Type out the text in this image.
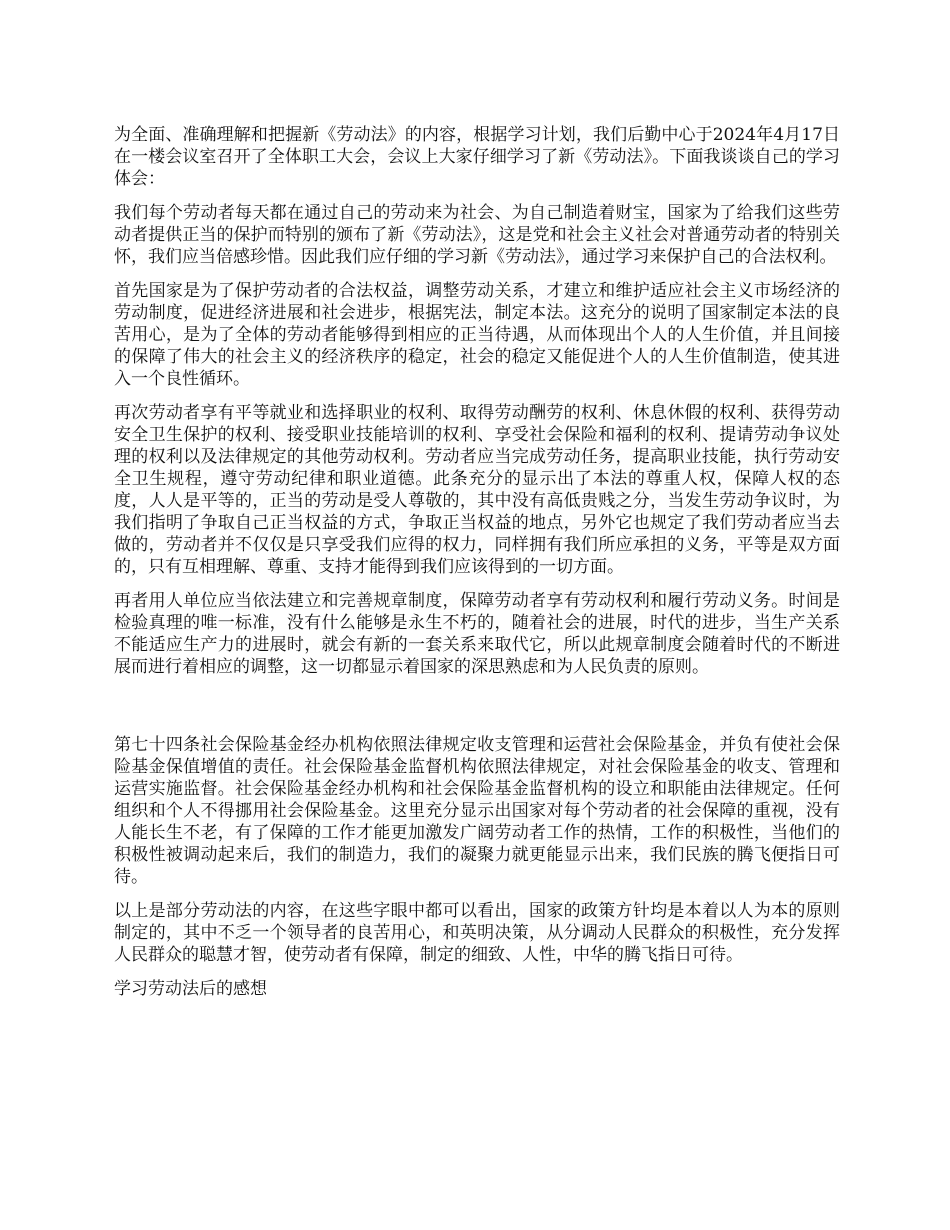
为全面、准确理解和把握新《劳动法》的内容，根据学习计划，我们后勤中心于2024年4月17日在一楼会议室召开了全体职工大会，会议上大家仔细学习了新《劳动法》。下面我谈谈自己的学习体会：

我们每个劳动者每天都在通过自己的劳动来为社会、为自己制造着财宝，国家为了给我们这些劳动者提供正当的保护而特别的颁布了新《劳动法》，这是党和社会主义社会对普通劳动者的特别关怀，我们应当倍感珍惜。因此我们应仔细的学习新《劳动法》，通过学习来保护自己的合法权利。

首先国家是为了保护劳动者的合法权益，调整劳动关系，才建立和维护适应社会主义市场经济的劳动制度，促进经济进展和社会进步，根据宪法，制定本法。这充分的说明了国家制定本法的良苦用心，是为了全体的劳动者能够得到相应的正当待遇，从而体现出个人的人生价值，并且间接的保障了伟大的社会主义的经济秩序的稳定，社会的稳定又能促进个人的人生价值制造，使其进入一个良性循环。

再次劳动者享有平等就业和选择职业的权利、取得劳动酬劳的权利、休息休假的权利、获得劳动安全卫生保护的权利、接受职业技能培训的权利、享受社会保险和福利的权利、提请劳动争议处理的权利以及法律规定的其他劳动权利。劳动者应当完成劳动任务，提高职业技能，执行劳动安全卫生规程，遵守劳动纪律和职业道德。此条充分的显示出了本法的尊重人权，保障人权的态度，人人是平等的，正当的劳动是受人尊敬的，其中没有高低贵贱之分，当发生劳动争议时，为我们指明了争取自己正当权益的方式，争取正当权益的地点，另外它也规定了我们劳动者应当去做的，劳动者并不仅仅是只享受我们应得的权力，同样拥有我们所应承担的义务，平等是双方面的，只有互相理解、尊重、支持才能得到我们应该得到的一切方面。

再者用人单位应当依法建立和完善规章制度，保障劳动者享有劳动权利和履行劳动义务。时间是检验真理的唯一标准，没有什么能够是永生不朽的，随着社会的进展，时代的进步，当生产关系不能适应生产力的进展时，就会有新的一套关系来取代它，所以此规章制度会随着时代的不断进展而进行着相应的调整，这一切都显示着国家的深思熟虑和为人民负责的原则。

第七十四条社会保险基金经办机构依照法律规定收支管理和运营社会保险基金，并负有使社会保险基金保值增值的责任。社会保险基金监督机构依照法律规定，对社会保险基金的收支、管理和运营实施监督。社会保险基金经办机构和社会保险基金监督机构的设立和职能由法律规定。任何组织和个人不得挪用社会保险基金。这里充分显示出国家对每个劳动者的社会保障的重视，没有人能长生不老，有了保障的工作才能更加激发广阔劳动者工作的热情，工作的积极性，当他们的积极性被调动起来后，我们的制造力，我们的凝聚力就更能显示出来，我们民族的腾飞便指日可待。

以上是部分劳动法的内容，在这些字眼中都可以看出，国家的政策方针均是本着以人为本的原则制定的，其中不乏一个领导者的良苦用心，和英明决策，从分调动人民群众的积极性，充分发挥人民群众的聪慧才智，使劳动者有保障，制定的细致、人性，中华的腾飞指日可待。

学习劳动法后的感想
